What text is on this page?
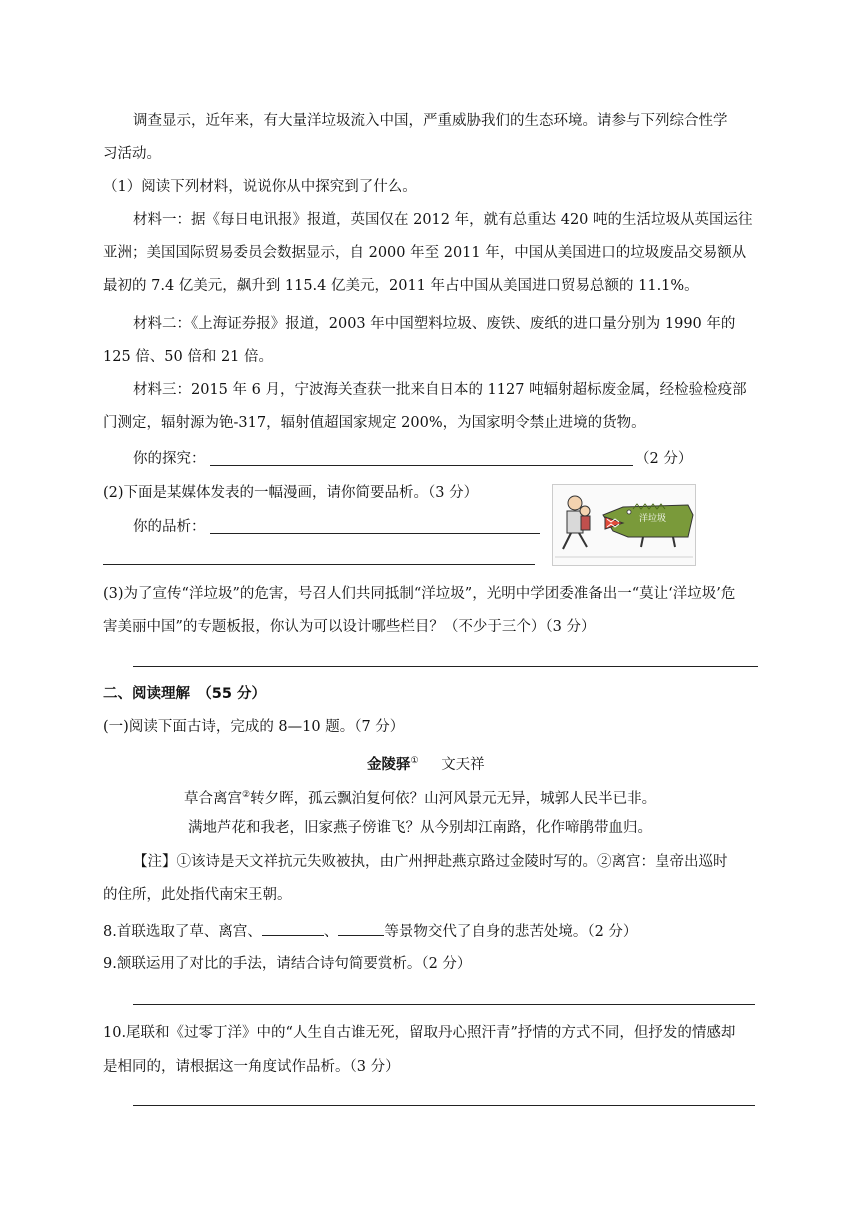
调查显示，近年来，有大量洋垃圾流入中国，严重威胁我们的生态环境。请参与下列综合性学
习活动。
（1）阅读下列材料，说说你从中探究到了什么。
材料一：据《每日电讯报》报道，英国仅在 2012 年，就有总重达 420 吨的生活垃圾从英国运往
亚洲；美国国际贸易委员会数据显示，自 2000 年至 2011 年，中国从美国进口的垃圾废品交易额从
最初的 7.4 亿美元，飙升到 115.4 亿美元，2011 年占中国从美国进口贸易总额的 11.1%。
材料二：《上海证券报》报道，2003 年中国塑料垃圾、废铁、废纸的进口量分别为 1990 年的
125 倍、50 倍和 21 倍。
材料三：2015 年 6 月，宁波海关查获一批来自日本的 1127 吨辐射超标废金属，经检验检疫部
门测定，辐射源为铯-317，辐射值超国家规定 200%，为国家明令禁止进境的货物。
你的探究：	（2 分）
(2)下面是某媒体发表的一幅漫画，请你简要品析。（3 分）
你的品析：	洋垃圾
(3)为了宣传“洋垃圾”的危害，号召人们共同抵制“洋垃圾”，光明中学团委准备出一“莫让‘洋垃圾’危
害美丽中国”的专题板报，你认为可以设计哪些栏目？（不少于三个）（3 分）
二、阅读理解　（55 分）
(一)阅读下面古诗，完成的 8—10 题。（7 分）
金陵驿① 文天祥
草合离宫②转夕晖，孤云飘泊复何依？山河风景元无异，城郭人民半已非。
满地芦花和我老，旧家燕子傍谁飞？从今别却江南路，化作啼鹃带血归。
【注】①该诗是天文祥抗元失败被执，由广州押赴燕京路过金陵时写的。②离宫：皇帝出巡时
的住所，此处指代南宋王朝。
8.首联选取了草、离宫、	、	等景物交代了自身的悲苦处境。（2 分）
9.颔联运用了对比的手法，请结合诗句简要赏析。（2 分）
10.尾联和《过零丁洋》中的“人生自古谁无死，留取丹心照汗青”抒情的方式不同，但抒发的情感却
是相同的，请根据这一角度试作品析。（3 分）
